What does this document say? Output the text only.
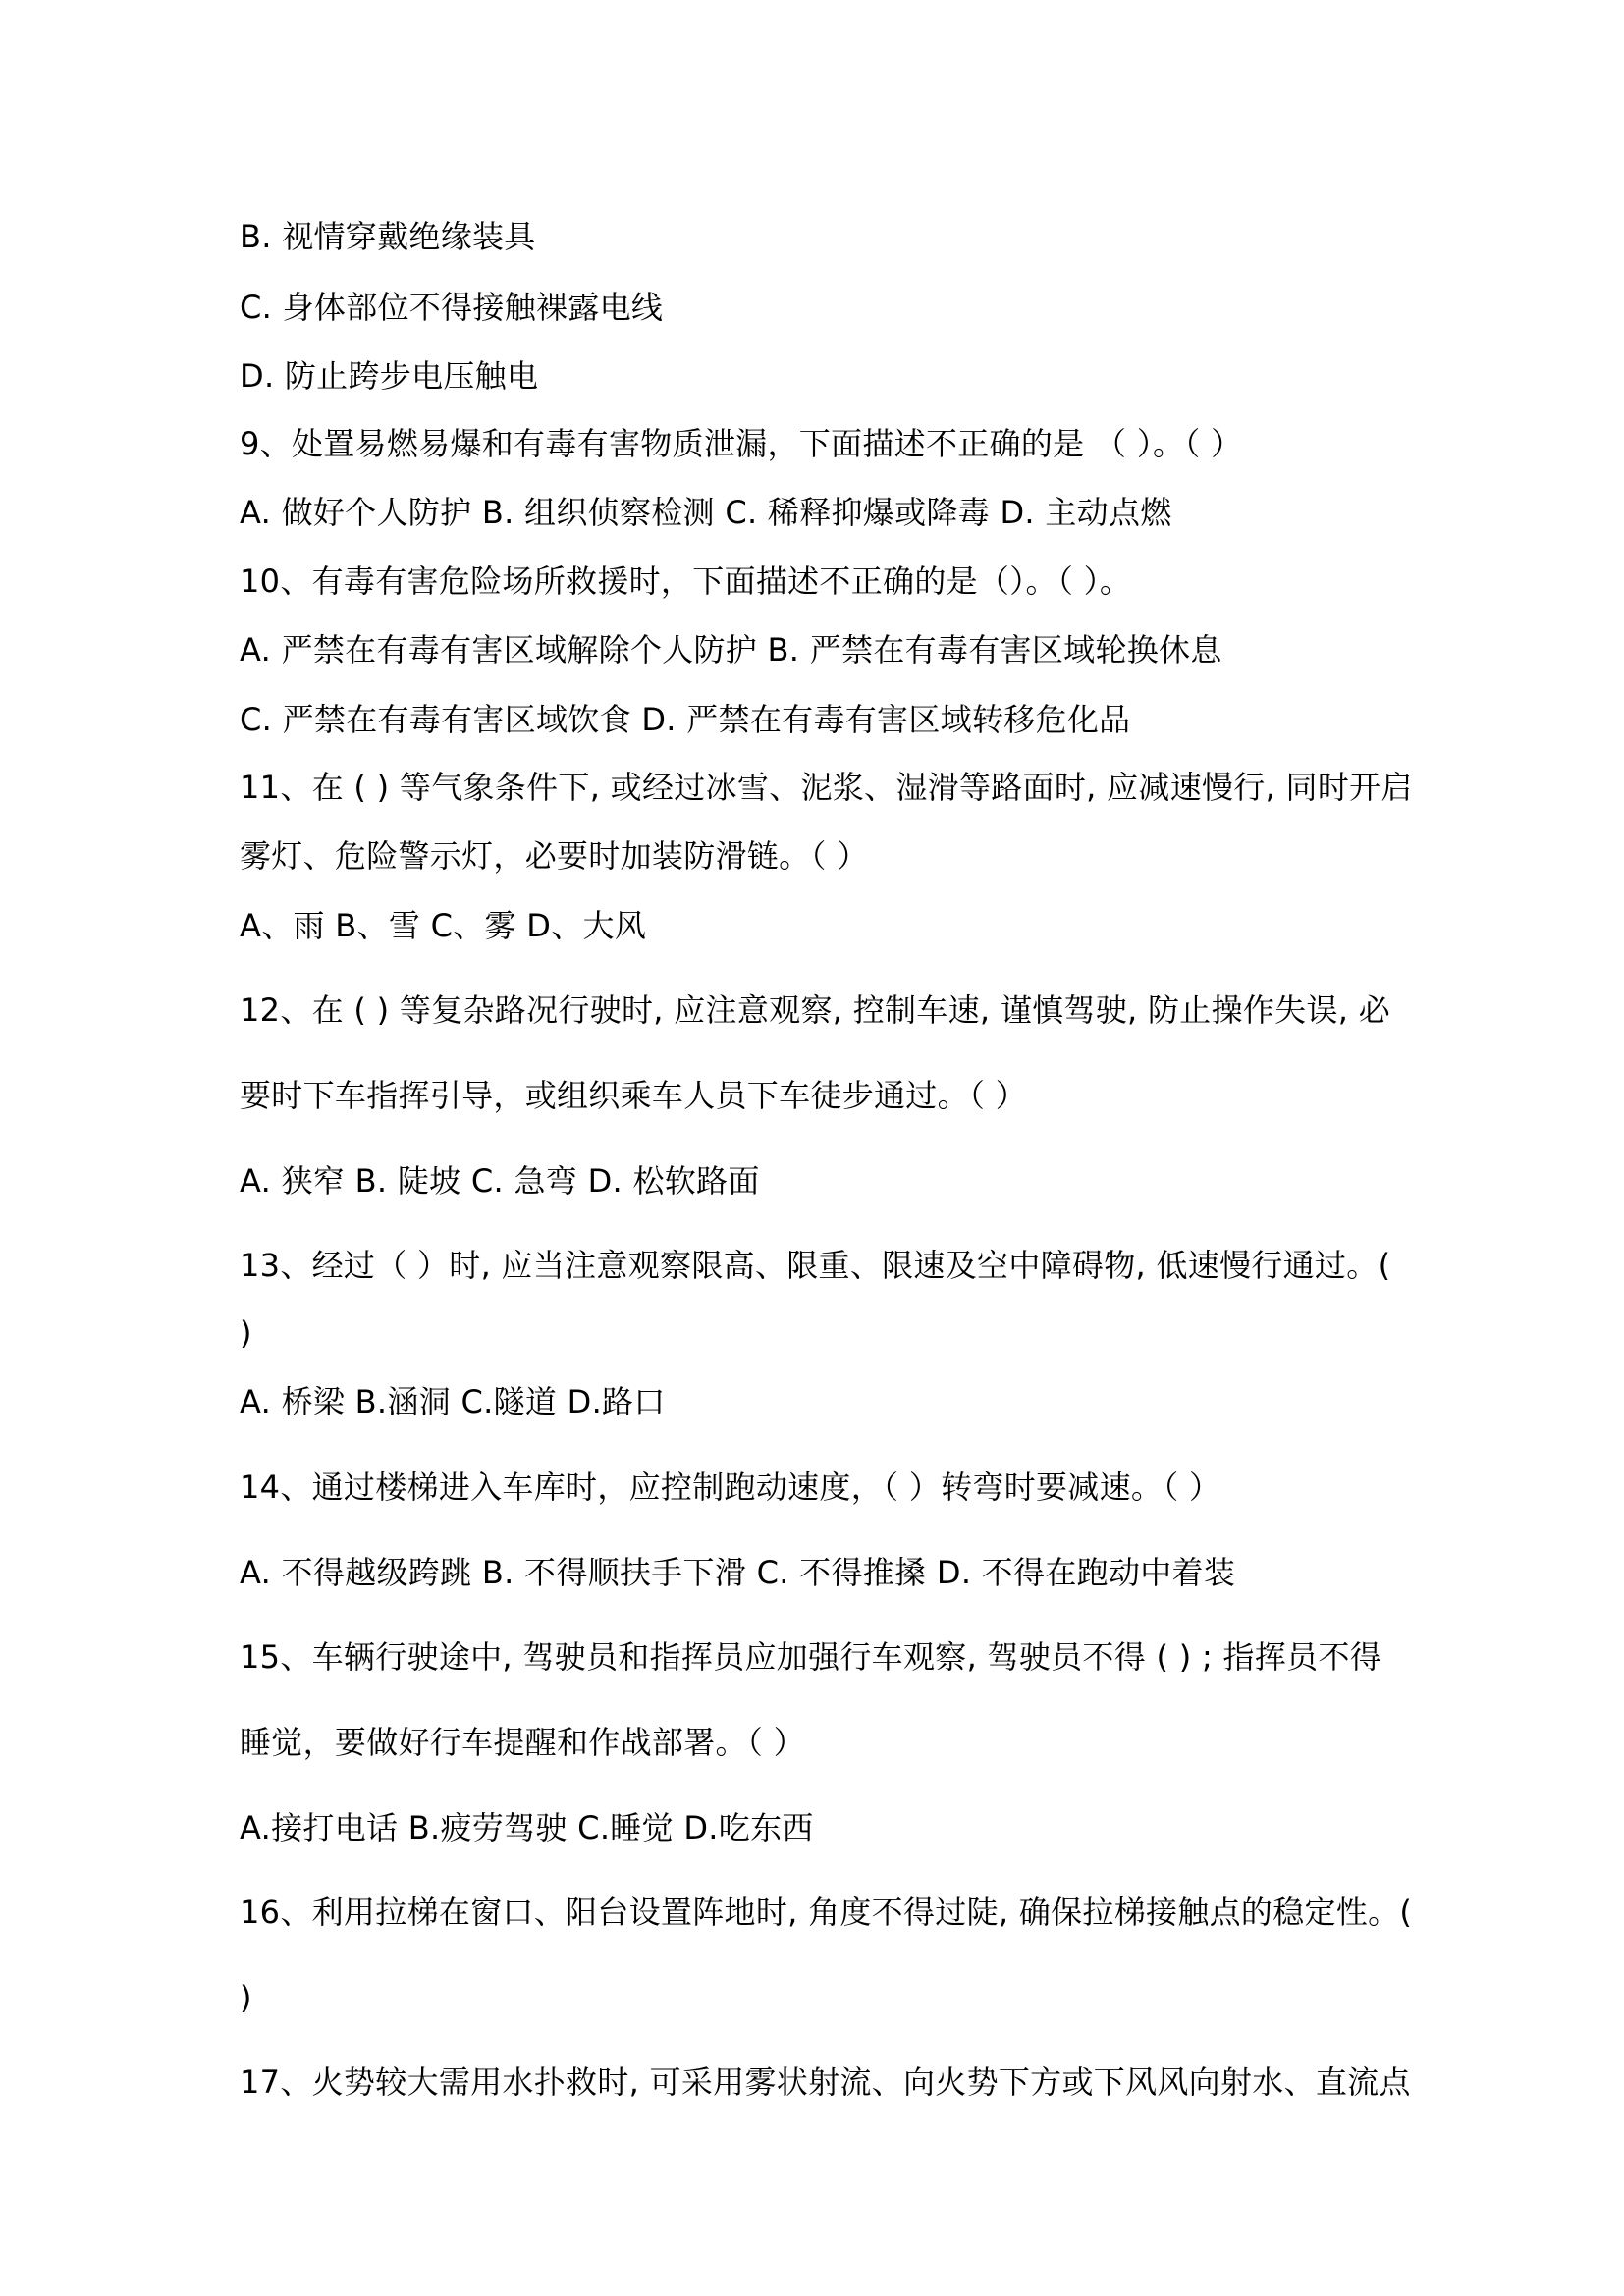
B. 视情穿戴绝缘装具
C. 身体部位不得接触裸露电线
D. 防止跨步电压触电
9、处置易燃易爆和有毒有害物质泄漏，下面描述不正确的是 （ ）。（ ）
A. 做好个人防护 B. 组织侦察检测 C. 稀释抑爆或降毒 D. 主动点燃
10、有毒有害危险场所救援时，下面描述不正确的是（）。（ ）。
A. 严禁在有毒有害区域解除个人防护 B. 严禁在有毒有害区域轮换休息
C. 严禁在有毒有害区域饮食 D. 严禁在有毒有害区域转移危化品
11、在 ( ) 等气象条件下, 或经过冰雪、泥浆、湿滑等路面时, 应减速慢行, 同时开启
雾灯、危险警示灯，必要时加装防滑链。（ ）
A、雨 B、雪 C、雾 D、大风
12、在 ( ) 等复杂路况行驶时, 应注意观察, 控制车速, 谨慎驾驶, 防止操作失误, 必
要时下车指挥引导，或组织乘车人员下车徒步通过。（ ）
A. 狭窄 B. 陡坡 C. 急弯 D. 松软路面
13、经过（ ）时, 应当注意观察限高、限重、限速及空中障碍物, 低速慢行通过。(
)
A. 桥梁 B.涵洞 C.隧道 D.路口
14、通过楼梯进入车库时，应控制跑动速度，（ ）转弯时要减速。（ ）
A. 不得越级跨跳 B. 不得顺扶手下滑 C. 不得推搡 D. 不得在跑动中着装
15、车辆行驶途中, 驾驶员和指挥员应加强行车观察, 驾驶员不得 ( ) ; 指挥员不得
睡觉，要做好行车提醒和作战部署。（ ）
A.接打电话 B.疲劳驾驶 C.睡觉 D.吃东西
16、利用拉梯在窗口、阳台设置阵地时, 角度不得过陡, 确保拉梯接触点的稳定性。(
)
17、火势较大需用水扑救时, 可采用雾状射流、向火势下方或下风风向射水、直流点
